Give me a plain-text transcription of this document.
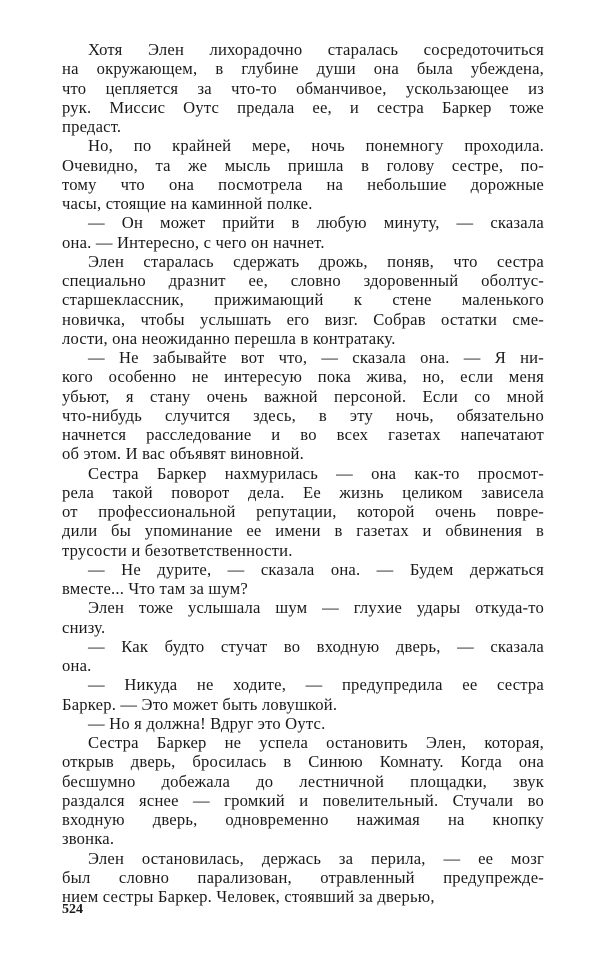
Хотя Элен лихорадочно старалась сосредоточиться
на окружающем, в глубине души она была убеждена,
что цепляется за что-то обманчивое, ускользающее из
рук. Миссис Оутс предала ее, и сестра Баркер тоже
предаст.
Но, по крайней мере, ночь понемногу проходила.
Очевидно, та же мысль пришла в голову сестре, по-
тому что она посмотрела на небольшие дорожные
часы, стоящие на каминной полке.
— Он может прийти в любую минуту, — сказала
она. — Интересно, с чего он начнет.
Элен старалась сдержать дрожь, поняв, что сестра
специально дразнит ее, словно здоровенный оболтус-
старшеклассник, прижимающий к стене маленького
новичка, чтобы услышать его визг. Собрав остатки сме-
лости, она неожиданно перешла в контратаку.
— Не забывайте вот что, — сказала она. — Я ни-
кого особенно не интересую пока жива, но, если меня
убьют, я стану очень важной персоной. Если со мной
что-нибудь случится здесь, в эту ночь, обязательно
начнется расследование и во всех газетах напечатают
об этом. И вас объявят виновной.
Сестра Баркер нахмурилась — она как-то просмот-
рела такой поворот дела. Ее жизнь целиком зависела
от профессиональной репутации, которой очень повре-
дили бы упоминание ее имени в газетах и обвинения в
трусости и безответственности.
— Не дурите, — сказала она. — Будем держаться
вместе... Что там за шум?
Элен тоже услышала шум — глухие удары откуда-то
снизу.
— Как будто стучат во входную дверь, — сказала
она.
— Никуда не ходите, — предупредила ее сестра
Баркер. — Это может быть ловушкой.
— Но я должна! Вдруг это Оутс.
Сестра Баркер не успела остановить Элен, которая,
открыв дверь, бросилась в Синюю Комнату. Когда она
бесшумно добежала до лестничной площадки, звук
раздался яснее — громкий и повелительный. Стучали во
входную дверь, одновременно нажимая на кнопку
звонка.
Элен остановилась, держась за перила, — ее мозг
был словно парализован, отравленный предупрежде-
нием сестры Баркер. Человек, стоявший за дверью,
524
